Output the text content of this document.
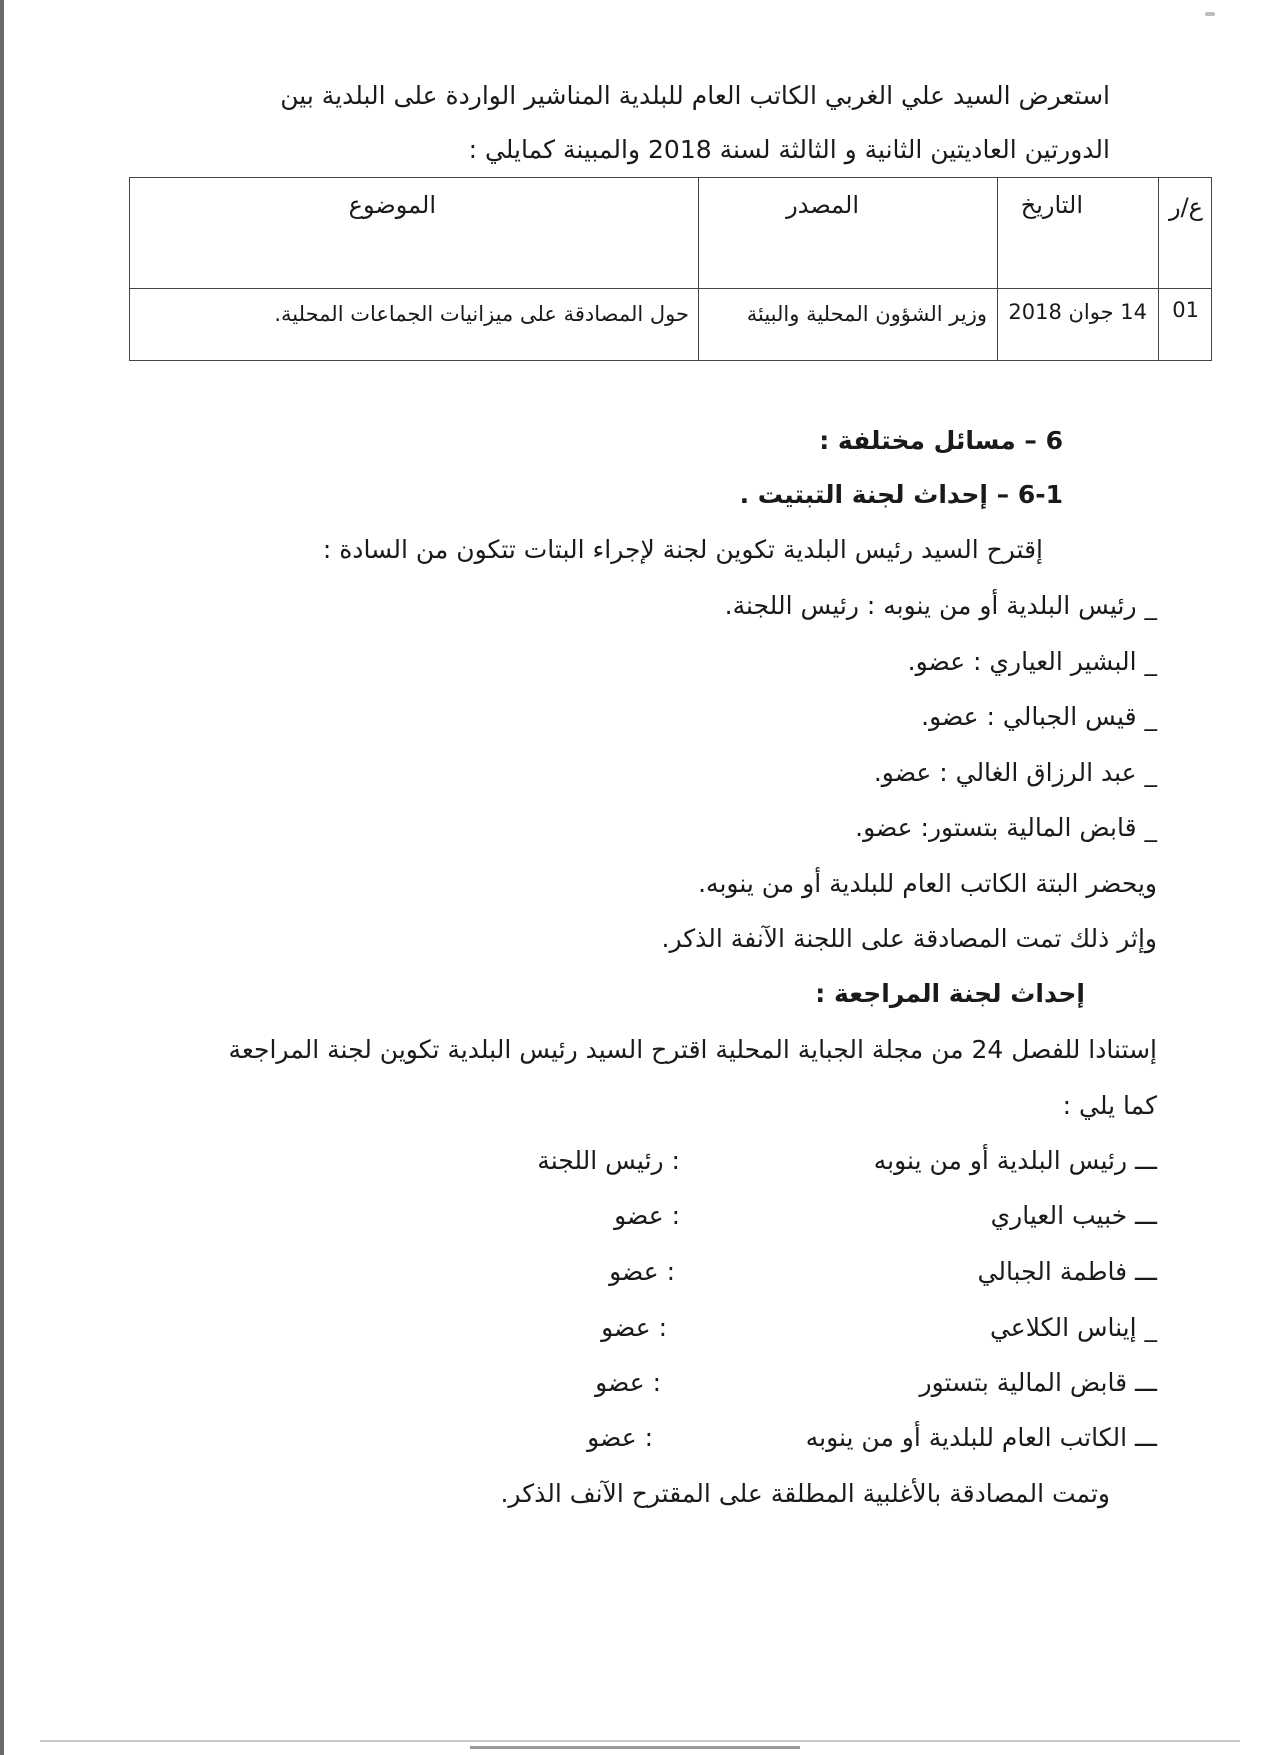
استعرض السيد علي الغربي الكاتب العام للبلدية المناشير الواردة على البلدية بين
الدورتين العاديتين الثانية و الثالثة لسنة 2018 والمبينة كمايلي :
ع/ر
التاريخ
المصدر
الموضوع
01
14 جوان 2018
وزير الشؤون المحلية والبيئة
حول المصادقة على ميزانيات الجماعات المحلية.
6 – مسائل مختلفة :
6-1 – إحداث لجنة التبتيت .
إقترح السيد رئيس البلدية تكوين لجنة لإجراء البتات تتكون من السادة :
_ رئيس البلدية أو من ينوبه : رئيس اللجنة.
_ البشير العياري : عضو.
_ قيس الجبالي : عضو.
_ عبد الرزاق الغالي : عضو.
_ قابض المالية بتستور: عضو.
ويحضر البتة الكاتب العام للبلدية أو من ينوبه.
وإثر ذلك تمت المصادقة على اللجنة الآنفة الذكر.
إحداث لجنة المراجعة :
إستنادا للفصل 24 من مجلة الجباية المحلية اقترح السيد رئيس البلدية تكوين لجنة المراجعة
كما يلي :
ـــ رئيس البلدية أو من ينوبه
: رئيس اللجنة
ـــ خبيب العياري
: عضو
ـــ فاطمة الجبالي
: عضو
_ إيناس الكلاعي
: عضو
ـــ قابض المالية بتستور
: عضو
ـــ الكاتب العام للبلدية أو من ينوبه
: عضو
وتمت المصادقة بالأغلبية المطلقة على المقترح الآنف الذكر.
